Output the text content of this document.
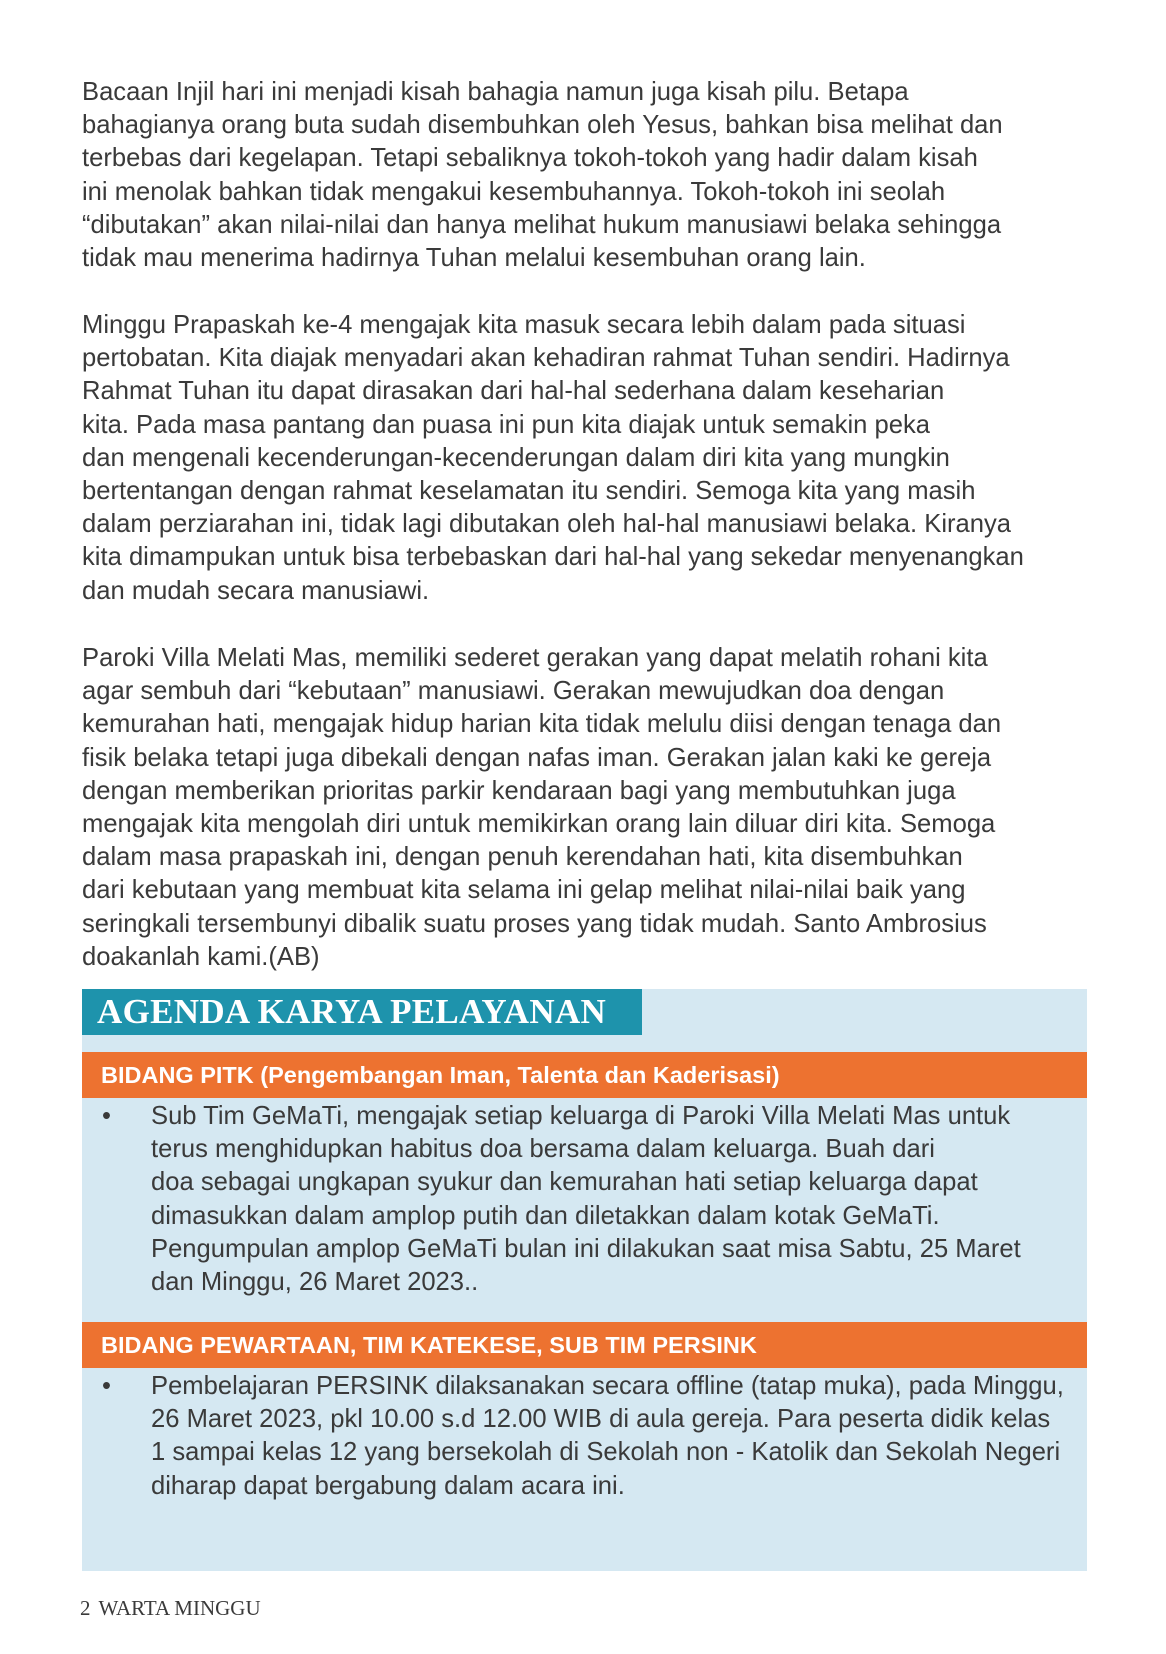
Bacaan Injil hari ini menjadi kisah bahagia namun juga kisah pilu. Betapa
bahagianya orang buta sudah disembuhkan oleh Yesus, bahkan bisa melihat dan
terbebas dari kegelapan. Tetapi sebaliknya tokoh-tokoh yang hadir dalam kisah
ini menolak bahkan tidak mengakui kesembuhannya. Tokoh-tokoh ini seolah
“dibutakan” akan nilai-nilai dan hanya melihat hukum manusiawi belaka sehingga
tidak mau menerima hadirnya Tuhan melalui kesembuhan orang lain.
Minggu Prapaskah ke-4 mengajak kita masuk secara lebih dalam pada situasi
pertobatan. Kita diajak menyadari akan kehadiran rahmat Tuhan sendiri. Hadirnya
Rahmat Tuhan itu dapat dirasakan dari hal-hal sederhana dalam keseharian
kita. Pada masa pantang dan puasa ini pun kita diajak untuk semakin peka
dan mengenali kecenderungan-kecenderungan dalam diri kita yang mungkin
bertentangan dengan rahmat keselamatan itu sendiri. Semoga kita yang masih
dalam perziarahan ini, tidak lagi dibutakan oleh hal-hal manusiawi belaka. Kiranya
kita dimampukan untuk bisa terbebaskan dari hal-hal yang sekedar menyenangkan
dan mudah secara manusiawi.
Paroki Villa Melati Mas, memiliki sederet gerakan yang dapat melatih rohani kita
agar sembuh dari “kebutaan” manusiawi. Gerakan mewujudkan doa dengan
kemurahan hati, mengajak hidup harian kita tidak melulu diisi dengan tenaga dan
fisik belaka tetapi juga dibekali dengan nafas iman. Gerakan jalan kaki ke gereja
dengan memberikan prioritas parkir kendaraan bagi yang membutuhkan juga
mengajak kita mengolah diri untuk memikirkan orang lain diluar diri kita. Semoga
dalam masa prapaskah ini, dengan penuh kerendahan hati, kita disembuhkan
dari kebutaan yang membuat kita selama ini gelap melihat nilai-nilai baik yang
seringkali tersembunyi dibalik suatu proses yang tidak mudah. Santo Ambrosius
doakanlah kami.(AB)
AGENDA KARYA PELAYANAN
BIDANG PITK (Pengembangan Iman, Talenta dan Kaderisasi)
•	Sub Tim GeMaTi, mengajak setiap keluarga di Paroki Villa Melati Mas untuk
terus menghidupkan habitus doa bersama dalam keluarga. Buah dari
doa sebagai ungkapan syukur dan kemurahan hati setiap keluarga dapat
dimasukkan dalam amplop putih dan diletakkan dalam kotak GeMaTi.
Pengumpulan amplop GeMaTi bulan ini dilakukan saat misa Sabtu, 25 Maret
dan Minggu, 26 Maret 2023..
BIDANG PEWARTAAN, TIM KATEKESE, SUB TIM PERSINK
•	Pembelajaran PERSINK dilaksanakan secara offline (tatap muka), pada Minggu,
26 Maret 2023, pkl 10.00 s.d 12.00 WIB di aula gereja. Para peserta didik kelas
1 sampai kelas 12 yang bersekolah di Sekolah non - Katolik dan Sekolah Negeri
diharap dapat bergabung dalam acara ini.
2 WARTA MINGGU
